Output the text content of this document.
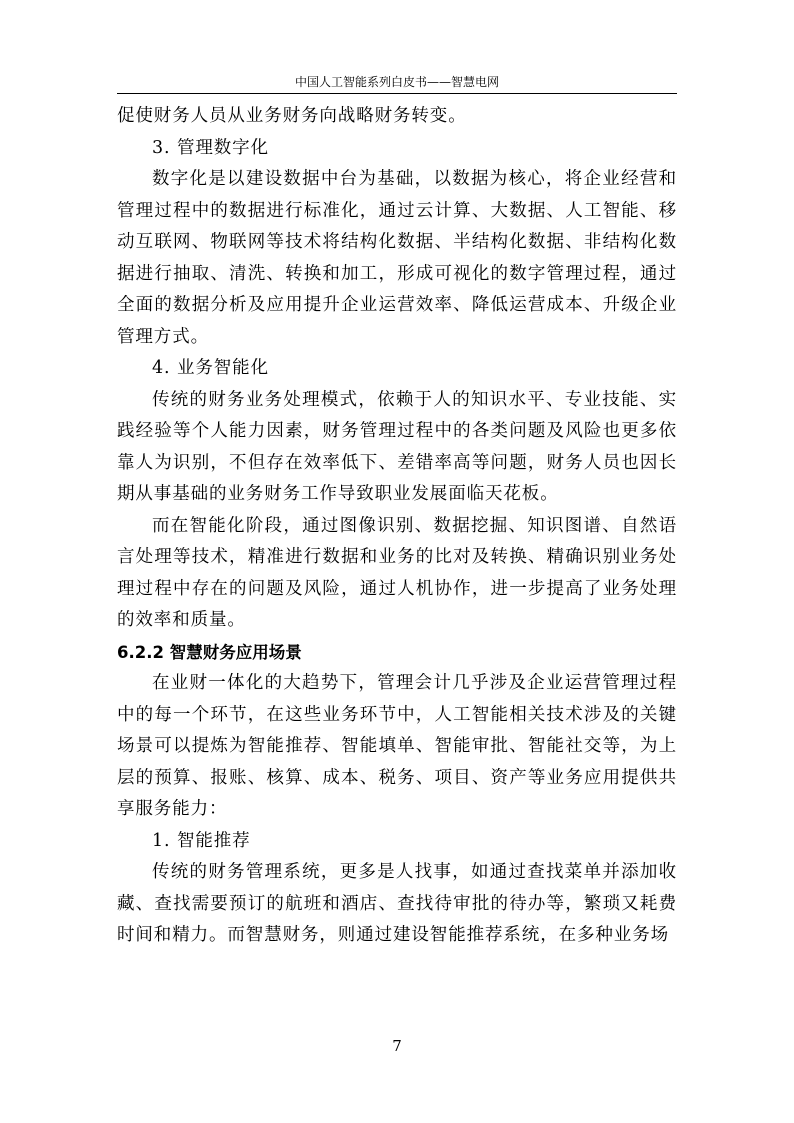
中国人工智能系列白皮书——智慧电网

促使财务人员从业务财务向战略财务转变。

3. 管理数字化

数字化是以建设数据中台为基础，以数据为核心，将企业经营和管理过程中的数据进行标准化，通过云计算、大数据、人工智能、移动互联网、物联网等技术将结构化数据、半结构化数据、非结构化数据进行抽取、清洗、转换和加工，形成可视化的数字管理过程，通过全面的数据分析及应用提升企业运营效率、降低运营成本、升级企业管理方式。

4. 业务智能化

传统的财务业务处理模式，依赖于人的知识水平、专业技能、实践经验等个人能力因素，财务管理过程中的各类问题及风险也更多依靠人为识别，不但存在效率低下、差错率高等问题，财务人员也因长期从事基础的业务财务工作导致职业发展面临天花板。

而在智能化阶段，通过图像识别、数据挖掘、知识图谱、自然语言处理等技术，精准进行数据和业务的比对及转换、精确识别业务处理过程中存在的问题及风险，通过人机协作，进一步提高了业务处理的效率和质量。

6.2.2 智慧财务应用场景

在业财一体化的大趋势下，管理会计几乎涉及企业运营管理过程中的每一个环节，在这些业务环节中，人工智能相关技术涉及的关键场景可以提炼为智能推荐、智能填单、智能审批、智能社交等，为上层的预算、报账、核算、成本、税务、项目、资产等业务应用提供共享服务能力：

1. 智能推荐

传统的财务管理系统，更多是人找事，如通过查找菜单并添加收藏、查找需要预订的航班和酒店、查找待审批的待办等，繁琐又耗费时间和精力。而智慧财务，则通过建设智能推荐系统，在多种业务场

7
